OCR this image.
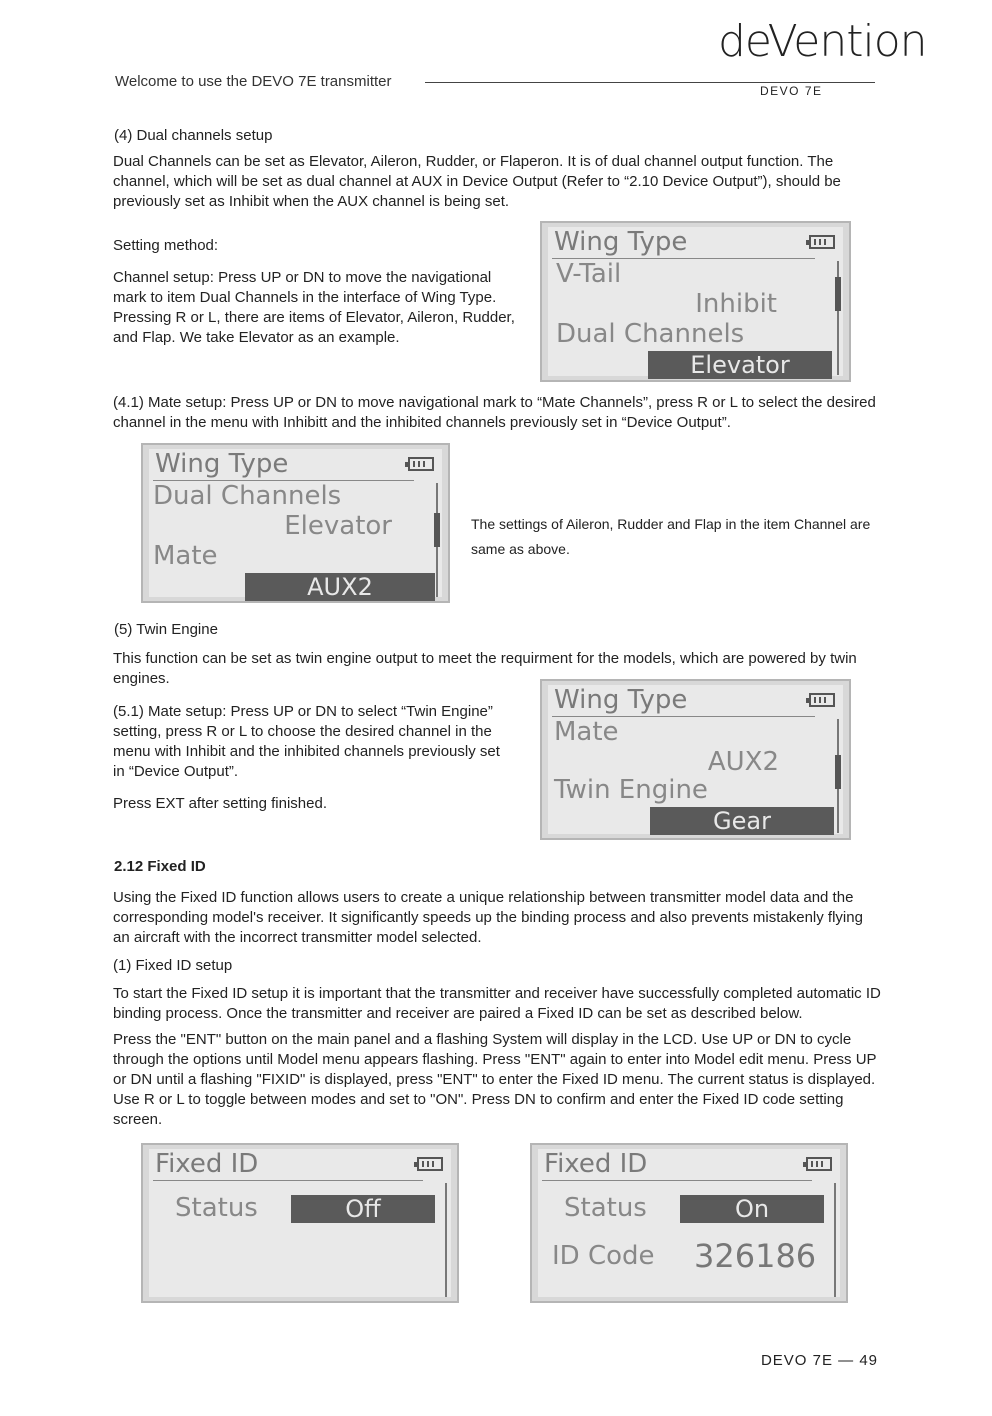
Welcome to use the DEVO 7E transmitter
deVention
DEVO 7E

(4) Dual channels setup

Dual Channels can be set as Elevator, Aileron, Rudder, or Flaperon. It is of dual channel output function. The channel, which will be set as dual channel at AUX in Device Output (Refer to “2.10 Device Output”), should be previously set as Inhibit when the AUX channel is being set.

Setting method:

Channel setup: Press UP or DN to move the navigational mark to item Dual Channels in the interface of Wing Type. Pressing R or L, there are items of Elevator, Aileron, Rudder, and Flap. We take Elevator as an example.

Wing Type
V-Tail
Inhibit
Dual Channels
Elevator

(4.1) Mate setup: Press UP or DN to move navigational mark to “Mate Channels”, press R or L to select the desired channel in the menu with Inhibitt and the inhibited channels previously set in “Device Output”.

Wing Type
Dual Channels
Elevator
Mate
AUX2

The settings of Aileron, Rudder and Flap in the item Channel are same as above.

(5) Twin Engine

This function can be set as twin engine output to meet the requirment for the models, which are powered by twin engines.

(5.1) Mate setup: Press UP or DN to select “Twin Engine” setting, press R or L to choose the desired channel in the menu with Inhibit and the inhibited channels previously set in “Device Output”.

Press EXT after setting finished.

Wing Type
Mate
AUX2
Twin Engine
Gear

2.12 Fixed ID

Using the Fixed ID function allows users to create a unique relationship between transmitter model data and the corresponding model's receiver. It significantly speeds up the binding process and also prevents mistakenly flying an aircraft with the incorrect transmitter model selected.

(1) Fixed ID setup

To start the Fixed ID setup it is important that the transmitter and receiver have successfully completed automatic ID binding process. Once the transmitter and receiver are paired a Fixed ID can be set as described below.

Press the "ENT" button on the main panel and a flashing System will display in the LCD. Use UP or DN to cycle through the options until Model menu appears flashing. Press "ENT" again to enter into Model edit menu. Press UP or DN until a flashing "FIXID" is displayed, press "ENT" to enter the Fixed ID menu. The current status is displayed. Use R or L to toggle between modes and set to "ON". Press DN to confirm and enter the Fixed ID code setting screen.

Fixed ID
Status	Off
Fixed ID
Status	On
ID Code 326186
DEVO 7E — 49
